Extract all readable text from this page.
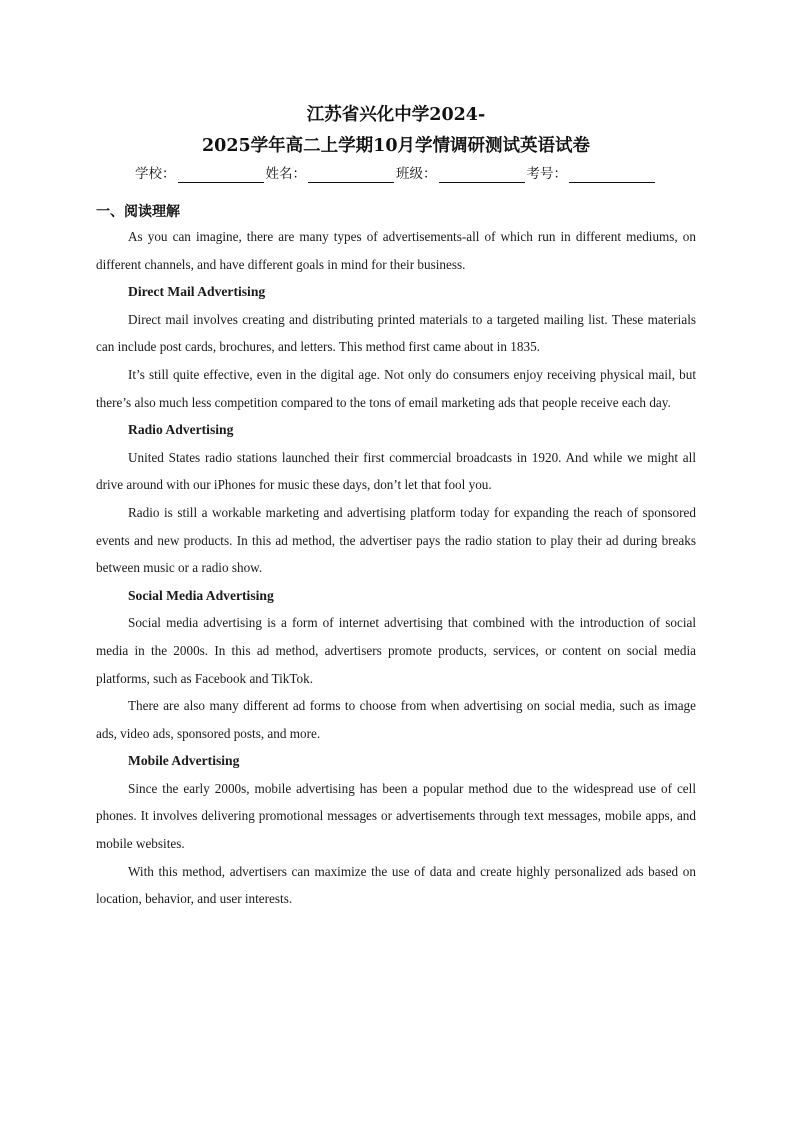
江苏省兴化中学2024-
2025学年高二上学期10月学情调研测试英语试卷
学校：	姓名：	班级：	考号：
一、阅读理解

As you can imagine, there are many types of advertisements-all of which run in different mediums, on different channels, and have different goals in mind for their business.

Direct Mail Advertising

Direct mail involves creating and distributing printed materials to a targeted mailing list. These materials can include post cards, brochures, and letters. This method first came about in 1835.

It’s still quite effective, even in the digital age. Not only do consumers enjoy receiving physical mail, but there’s also much less competition compared to the tons of email marketing ads that people receive each day.

Radio Advertising

United States radio stations launched their first commercial broadcasts in 1920. And while we might all drive around with our iPhones for music these days, don’t let that fool you.

Radio is still a workable marketing and advertising platform today for expanding the reach of sponsored events and new products. In this ad method, the advertiser pays the radio station to play their ad during breaks between music or a radio show.

Social Media Advertising

Social media advertising is a form of internet advertising that combined with the introduction of social media in the 2000s. In this ad method, advertisers promote products, services, or content on social media platforms, such as Facebook and TikTok.

There are also many different ad forms to choose from when advertising on social media, such as image ads, video ads, sponsored posts, and more.

Mobile Advertising

Since the early 2000s, mobile advertising has been a popular method due to the widespread use of cell phones. It involves delivering promotional messages or advertisements through text messages, mobile apps, and mobile websites.

With this method, advertisers can maximize the use of data and create highly personalized ads based on location, behavior, and user interests.
